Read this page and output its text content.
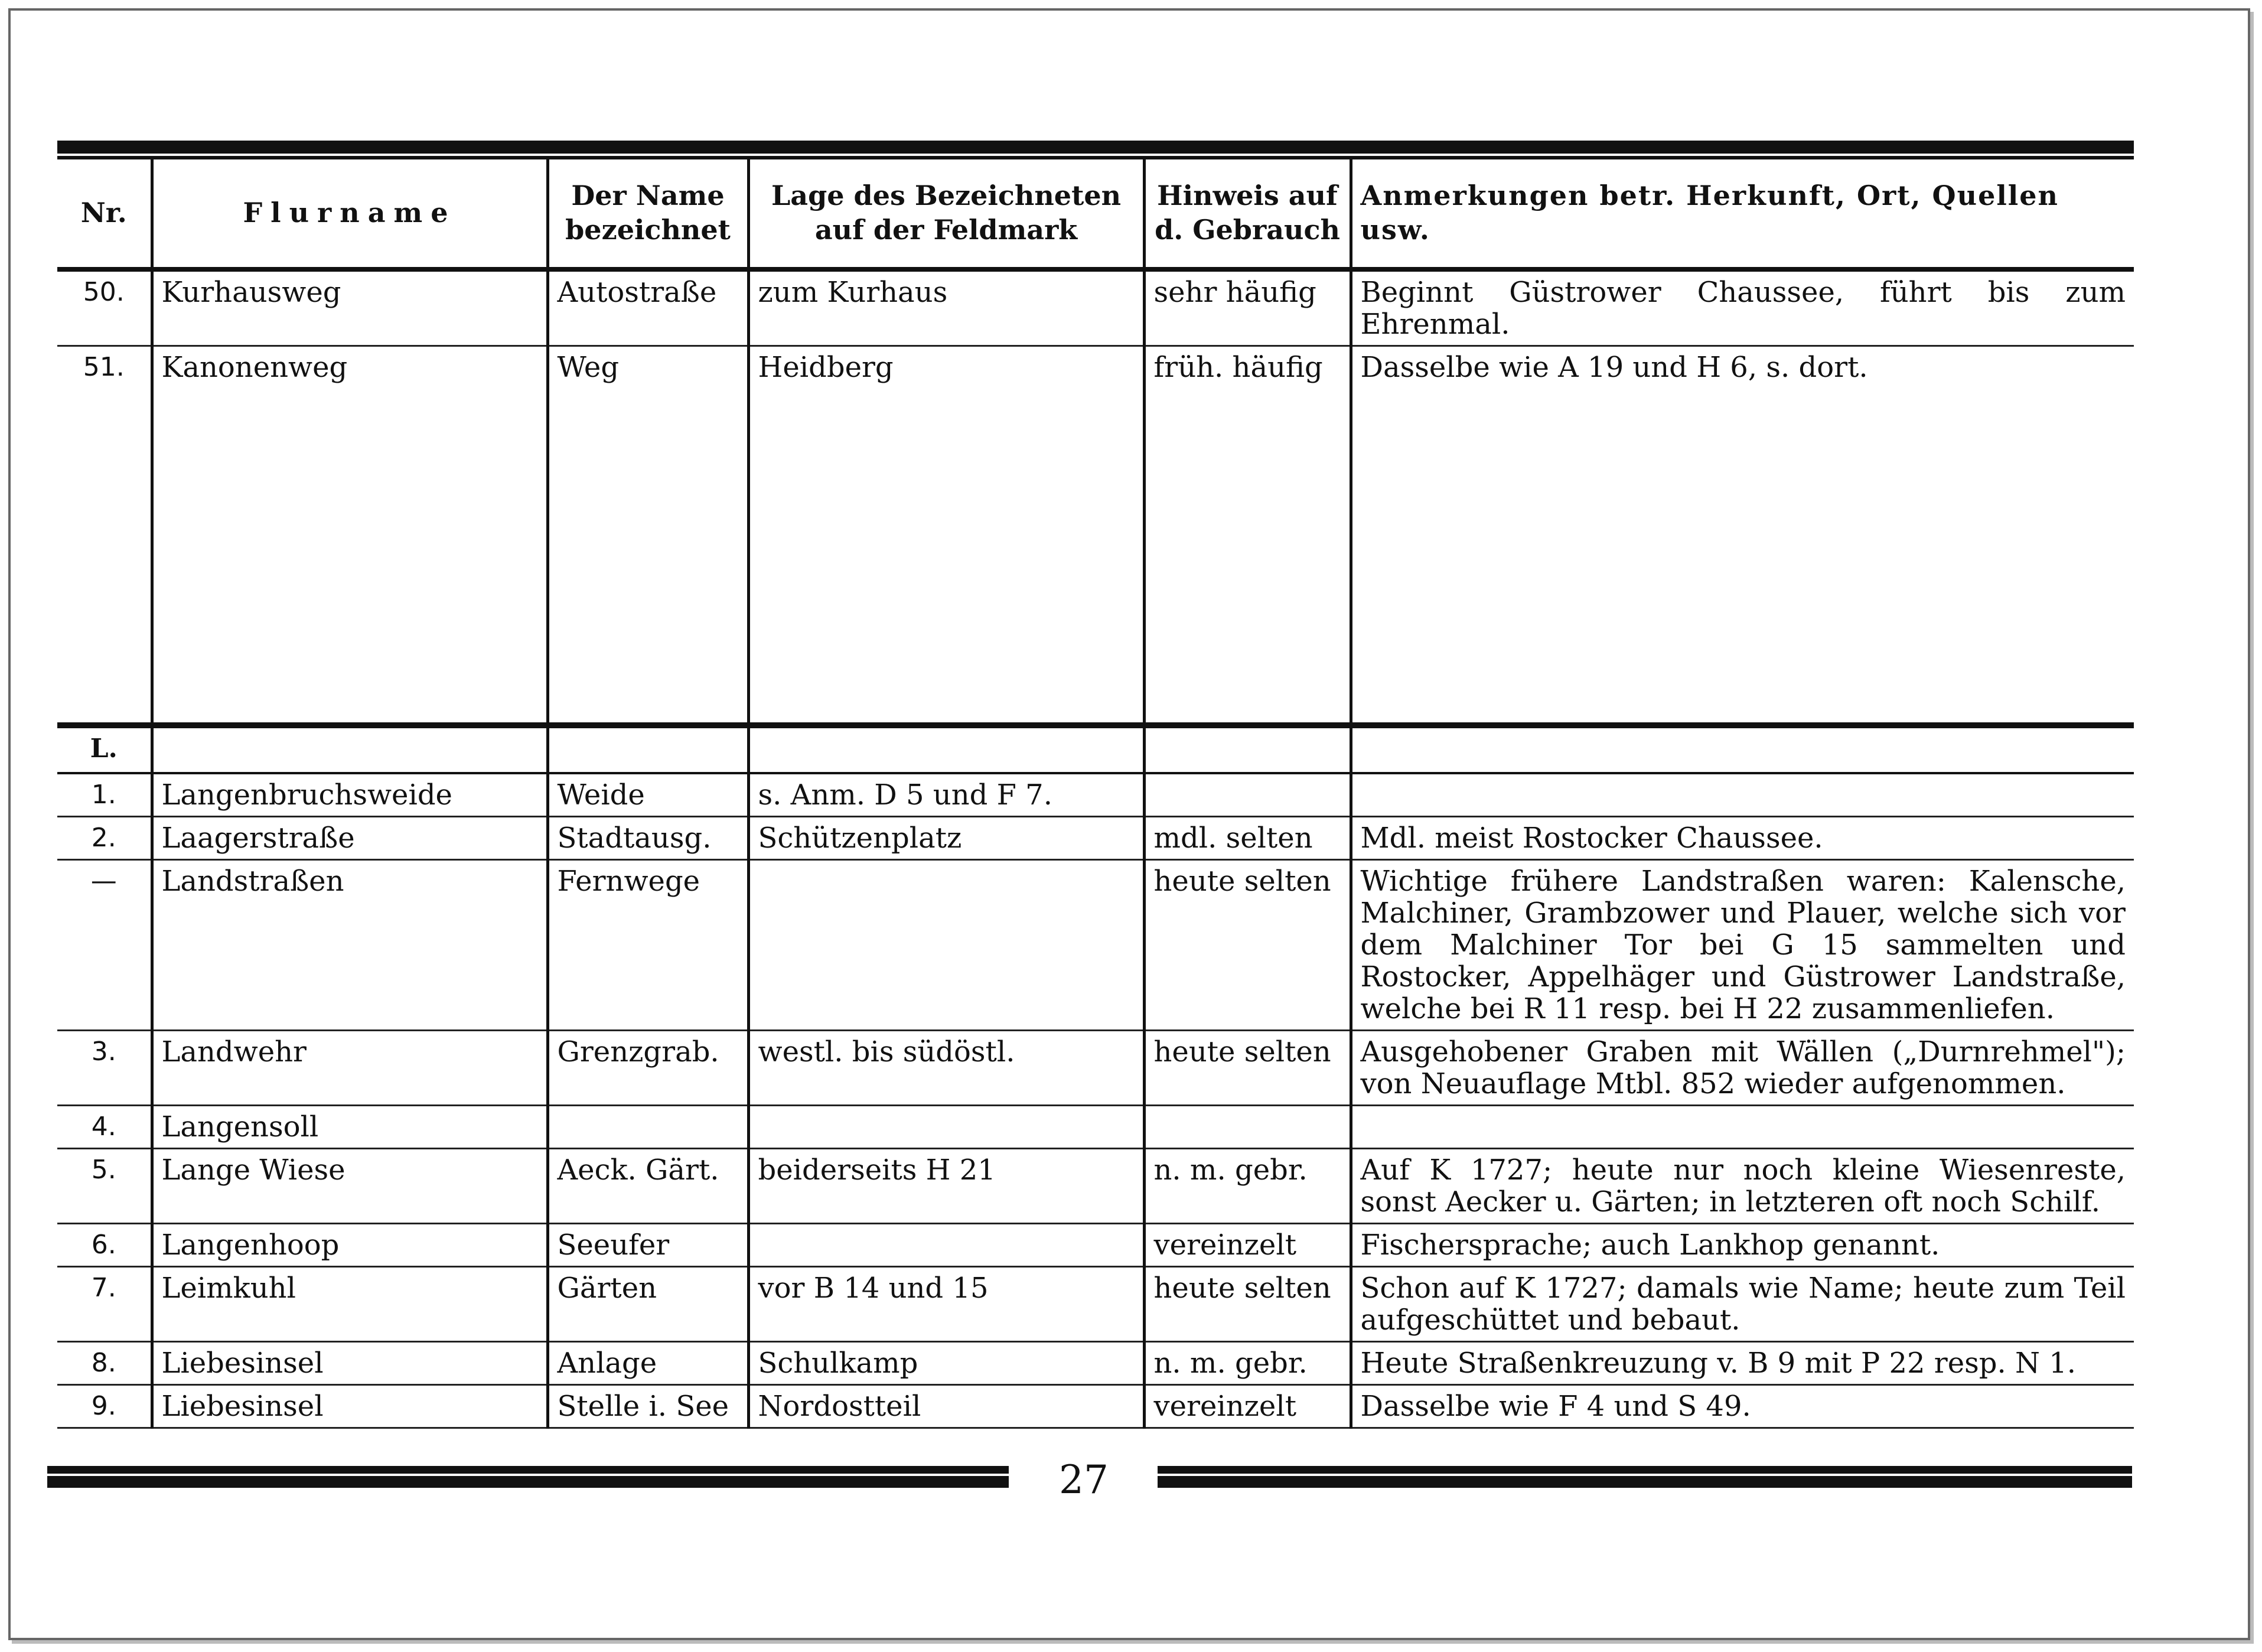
Nr.	Flurname	Der Name bezeichnet	Lage des Bezeichneten auf der Feldmark	Hinweis auf d. Gebrauch	Anmerkungen betr. Herkunft, Ort, Quellen usw.
50.	Kurhausweg	Autostraße	zum Kurhaus	sehr häufig	Beginnt Güstrower Chaussee, führt bis zum Ehrenmal.
51.	Kanonenweg	Weg	Heidberg	früh. häufig	Dasselbe wie A 19 und H 6, s. dort.
L.					
1.	Langenbruchsweide	Weide	s. Anm. D 5 und F 7.		
2.	Laagerstraße	Stadtausg.	Schützenplatz	mdl. selten	Mdl. meist Rostocker Chaussee.
—	Landstraßen	Fernwege		heute selten	Wichtige frühere Landstraßen waren: Kalensche, Malchiner, Grambzower und Plauer, welche sich vor dem Malchiner Tor bei G 15 sammelten und Rostocker, Appelhäger und Güstrower Landstraße, welche bei R 11 resp. bei H 22 zusammenliefen.
3.	Landwehr	Grenzgrab.	westl. bis südöstl.	heute selten	Ausgehobener Graben mit Wällen („Durnrehmel"); von Neuauflage Mtbl. 852 wieder aufgenommen.
4.	Langensoll				
5.	Lange Wiese	Aeck. Gärt.	beiderseits H 21	n. m. gebr.	Auf K 1727; heute nur noch kleine Wiesenreste, sonst Aecker u. Gärten; in letzteren oft noch Schilf.
6.	Langenhoop	Seeufer		vereinzelt	Fischersprache; auch Lankhop genannt.
7.	Leimkuhl	Gärten	vor B 14 und 15	heute selten	Schon auf K 1727; damals wie Name; heute zum Teil aufgeschüttet und bebaut.
8.	Liebesinsel	Anlage	Schulkamp	n. m. gebr.	Heute Straßenkreuzung v. B 9 mit P 22 resp. N 1.
9.	Liebesinsel	Stelle i. See	Nordostteil	vereinzelt	Dasselbe wie F 4 und S 49.
27
